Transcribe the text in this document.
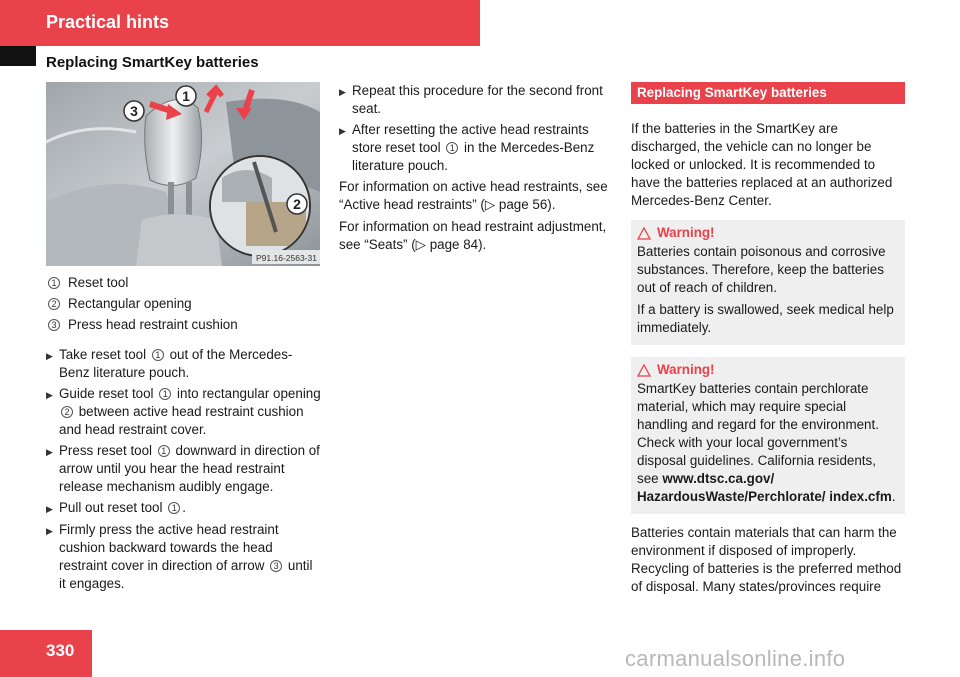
Practical hints
Replacing SmartKey batteries
1
2
3
P91.16-2563-31
1 Reset tool
2 Rectangular opening
3 Press head restraint cushion
▶ Take reset tool 1 out of the Mercedes-Benz literature pouch.
▶ Guide reset tool 1 into rectangular opening 2 between active head restraint cushion and head restraint cover.
▶ Press reset tool 1 downward in direction of arrow until you hear the head restraint release mechanism audibly engage.
▶ Pull out reset tool 1 .
▶ Firmly press the active head restraint cushion backward towards the head restraint cover in direction of arrow 3 until it engages.
▶ Repeat this procedure for the second front seat.
▶ After resetting the active head restraints store reset tool 1 in the Mercedes-Benz literature pouch.

For information on active head restraints, see “Active head restraints” (▷ page 56).

For information on head restraint adjustment, see “Seats” (▷ page 84).

Replacing SmartKey batteries

If the batteries in the SmartKey are discharged, the vehicle can no longer be locked or unlocked. It is recommended to have the batteries replaced at an authorized Mercedes-Benz Center.

Warning!

Batteries contain poisonous and corrosive substances. Therefore, keep the batteries out of reach of children.

If a battery is swallowed, seek medical help immediately.

Warning!

SmartKey batteries contain perchlorate material, which may require special handling and regard for the environment. Check with your local government’s disposal guidelines. California residents, see www.dtsc.ca.gov/ HazardousWaste/Perchlorate/ index.cfm.

Batteries contain materials that can harm the environment if disposed of improperly. Recycling of batteries is the preferred method of disposal. Many states/provinces require

330	carmanualsonline.info
